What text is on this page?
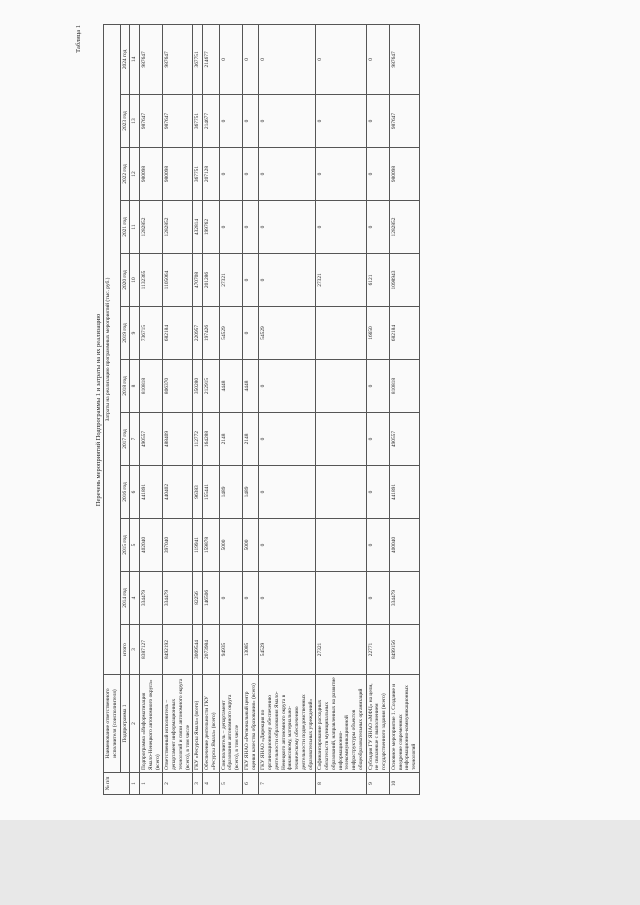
Таблица 1
Перечень мероприятий Подпрограммы 1 и затраты на их реализацию
№ п/п	Наименование ответственного исполнителя (соисполнителя)	Затраты на реализацию программных мероприятий (тыс. руб.)											
	Подпрограмма 1	итого	2014 год	2015 год	2016 год	2017 год	2018 год	2019 год	2020 год	2021 год	2022 год	2023 год	2024 год
1	2	3	4	5	6	7	8	9	10	11	12	13	14
1	Подпрограмма «Информатизация Ямало-Ненецкого автономного округа» (всего)	8387127	334479	402040	441891	490557	810818	736715	1132365	1282852	980098	987647	987647
2	Ответственный исполнитель – департамент информационных технологий и связи автономного округа (всего), в том числе	8492192	334479	397040	440402	488409	806370	682184	1105064	1282852	980098	987647	987647
3	ГКУ «Ресурсы Ямала» (всего)	3009544	82256	119941	96383	112772	350280	220957	470708	432814	367751	367751	367751
4	Обеспечение деятельности ГКУ «Ресурсы Ямала» (всего)	2073984	146506	159878	155441	164288	212915	197426	201286	199762	207128	214677	214677
5	Соисполнитель – департамент образования автономного округа (всего), в том числе	94935	0	5000	1489	2148	4448	54529	27321	0	0	0	0
6	ГКУ ЯНАО «Региональный центр оценки качества образования» (всего)	13085	0	5000	1489	2148	4448	0	0	0	0	0	0
7	ГКУ ЯНАО «Дирекция по организационному обеспечению деятельности образования Ямало-Ненецкого автономного округа в финансовому, материально-техническому обеспечению деятельности подведомственных образовательных учреждений»	54529	0	0	0	0	0	54529	0	0	0	0	0
8	Софинансирование расходных обязательств муниципальных образований, направленных на развитие информационно-телекоммуникационной инфраструктуры объектов общеобразовательных организаций	27321							27321	0	0	0	0
9	Субсидия ГУ ЯНАО «МФЦ» на цели, не связанные с выполнением государственного задания (всего)	22771	0	0	0	0	0	16650	6121	0	0	0	0
10	Основное мероприятие 1. Создание и внедрение современных информационно-коммуникационных технологий	8499156	334479	400040	441891	490557	810818	682184	1098943	1282852	980098	987647	987647
